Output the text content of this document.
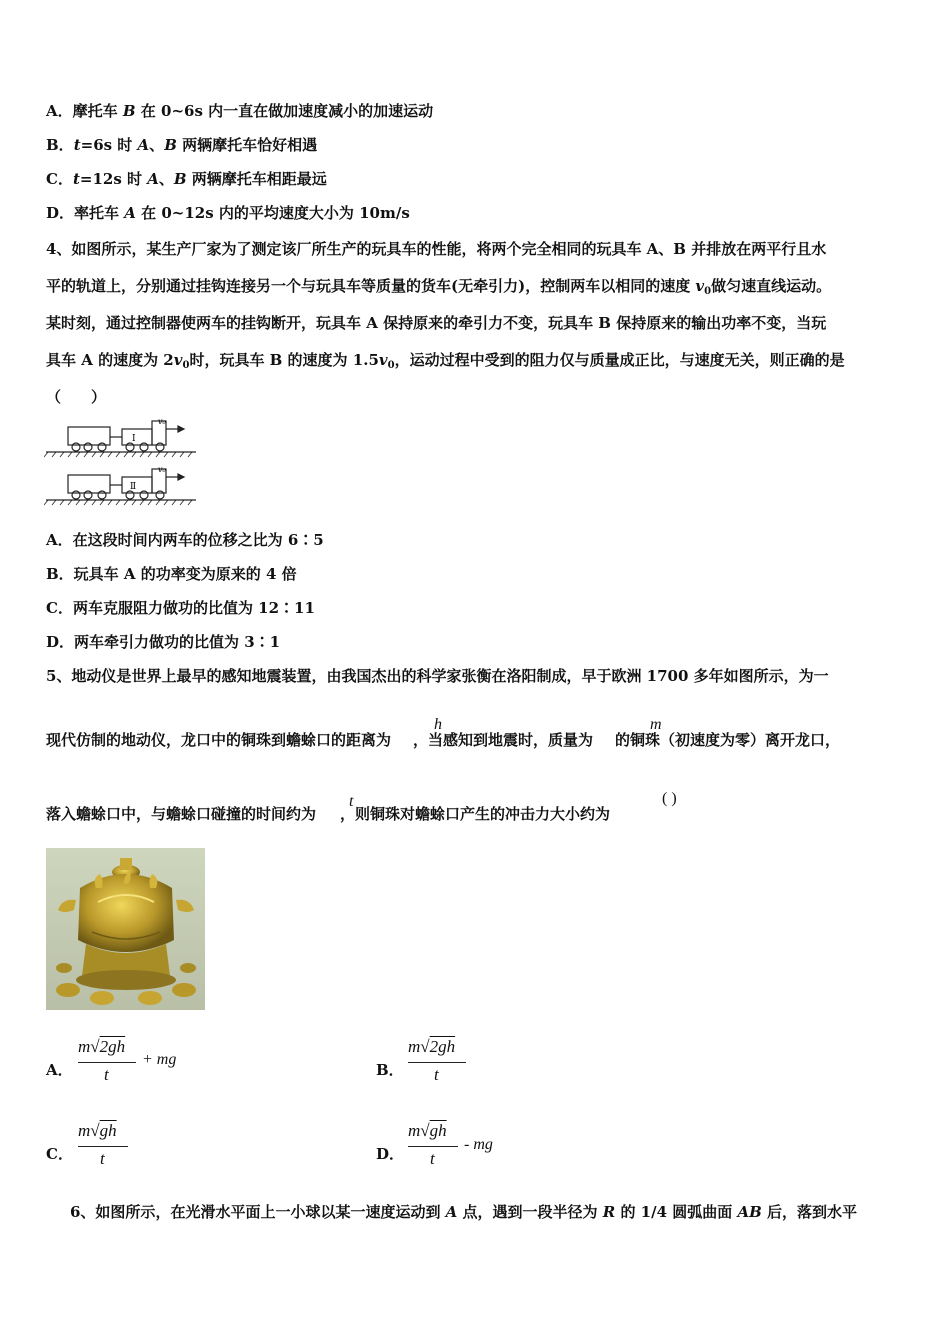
A．摩托车 B 在 0~6s 内一直在做加速度减小的加速运动
B．t=6s 时 A、B 两辆摩托车恰好相遇
C．t=12s 时 A、B 两辆摩托车相距最远
D．率托车 A 在 0~12s 内的平均速度大小为 10m/s
4、如图所示，某生产厂家为了测定该厂所生产的玩具车的性能，将两个完全相同的玩具车 A、B 并排放在两平行且水
平的轨道上，分别通过挂钩连接另一个与玩具车等质量的货车(无牵引力)，控制两车以相同的速度 $v_0$做匀速直线运动。
某时刻，通过控制器使两车的挂钩断开，玩具车 A 保持原来的牵引力不变，玩具车 B 保持原来的输出功率不变，当玩
具车 A 的速度为 $2v_0$时，玩具车 B 的速度为 $1.5v_0$，运动过程中受到的阻力仅与质量成正比，与速度无关，则正确的是
（　　）
Ⅰ
Ⅱ
v₀
v₀
A．在这段时间内两车的位移之比为 6∶5
B．玩具车 A 的功率变为原来的 4 倍
C．两车克服阻力做功的比值为 12∶11
D．两车牵引力做功的比值为 3∶1
5、地动仪是世界上最早的感知地震装置，由我国杰出的科学家张衡在洛阳制成，早于欧洲 1700 多年如图所示，为一
现代仿制的地动仪，龙口中的铜珠到蟾蜍口的距离为 ，当感知到地震时，质量为 的铜珠（初速度为零）离开龙口，
h	m
落入蟾蜍口中，与蟾蜍口碰撞的时间约为 ，则铜珠对蟾蜍口产生的冲击力大小约为
t	( )
A．
m√2gh
t
+ mg
B．
m√2gh
t
C．
m√gh
t	D．
m√gh
t
- mg
6、如图所示，在光滑水平面上一小球以某一速度运动到 A 点，遇到一段半径为 R 的 1/4 圆弧曲面 AB 后，落到水平
